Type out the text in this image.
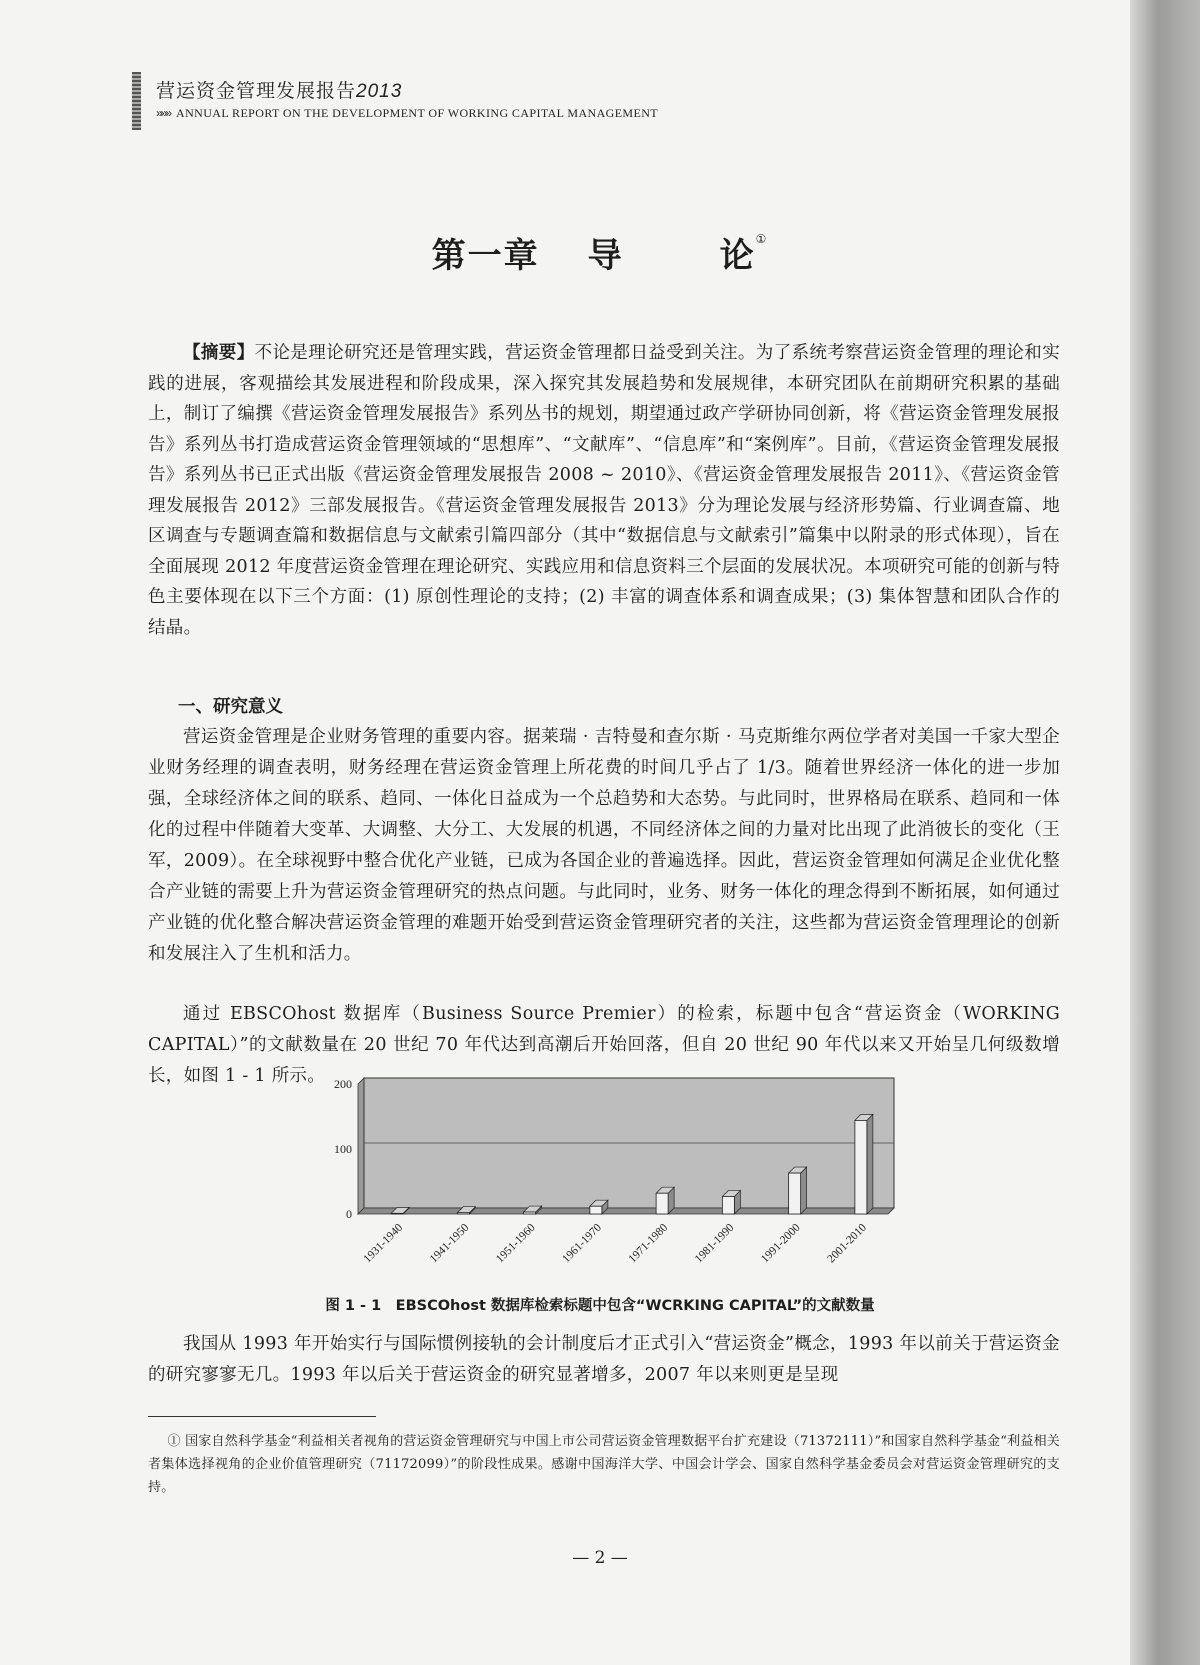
营运资金管理发展报告2013
»»» ANNUAL REPORT ON THE DEVELOPMENT OF WORKING CAPITAL MANAGEMENT
第一章 导	论①
【摘要】不论是理论研究还是管理实践，营运资金管理都日益受到关注。为了系统考察营运资金管理的理论和实践的进展，客观描绘其发展进程和阶段成果，深入探究其发展趋势和发展规律，本研究团队在前期研究积累的基础上，制订了编撰《营运资金管理发展报告》系列丛书的规划，期望通过政产学研协同创新，将《营运资金管理发展报告》系列丛书打造成营运资金管理领域的“思想库”、“文献库”、“信息库”和“案例库”。目前，《营运资金管理发展报告》系列丛书已正式出版《营运资金管理发展报告 2008 ~ 2010》、《营运资金管理发展报告 2011》、《营运资金管理发展报告 2012》三部发展报告。《营运资金管理发展报告 2013》分为理论发展与经济形势篇、行业调查篇、地区调查与专题调查篇和数据信息与文献索引篇四部分（其中“数据信息与文献索引”篇集中以附录的形式体现），旨在全面展现 2012 年度营运资金管理在理论研究、实践应用和信息资料三个层面的发展状况。本项研究可能的创新与特色主要体现在以下三个方面：(1) 原创性理论的支持；(2) 丰富的调查体系和调查成果；(3) 集体智慧和团队合作的结晶。
一、研究意义

营运资金管理是企业财务管理的重要内容。据莱瑞 · 吉特曼和查尔斯 · 马克斯维尔两位学者对美国一千家大型企业财务经理的调查表明，财务经理在营运资金管理上所花费的时间几乎占了 1/3。随着世界经济一体化的进一步加强，全球经济体之间的联系、趋同、一体化日益成为一个总趋势和大态势。与此同时，世界格局在联系、趋同和一体化的过程中伴随着大变革、大调整、大分工、大发展的机遇，不同经济体之间的力量对比出现了此消彼长的变化（王军，2009）。在全球视野中整合优化产业链，已成为各国企业的普遍选择。因此，营运资金管理如何满足企业优化整合产业链的需要上升为营运资金管理研究的热点问题。与此同时，业务、财务一体化的理念得到不断拓展，如何通过产业链的优化整合解决营运资金管理的难题开始受到营运资金管理研究者的关注，这些都为营运资金管理理论的创新和发展注入了生机和活力。

通过 EBSCOhost 数据库（Business Source Premier）的检索，标题中包含“营运资金（WORKING CAPITAL）”的文献数量在 20 世纪 70 年代达到高潮后开始回落，但自 20 世纪 90 年代以来又开始呈几何级数增长，如图 1 - 1 所示。

0
100
200
1931-1940 1941-1950 1951-1960 1961-1970 1971-1980 1981-1990 1991-2000 2001-2010
图 1 - 1　EBSCOhost 数据库检索标题中包含“WCRKING CAPITAL”的文献数量

我国从 1993 年开始实行与国际惯例接轨的会计制度后才正式引入“营运资金”概念，1993 年以前关于营运资金的研究寥寥无几。1993 年以后关于营运资金的研究显著增多，2007 年以来则更是呈现

① 国家自然科学基金“利益相关者视角的营运资金管理研究与中国上市公司营运资金管理数据平台扩充建设（71372111）”和国家自然科学基金“利益相关者集体选择视角的企业价值管理研究（71172099）”的阶段性成果。感谢中国海洋大学、中国会计学会、国家自然科学基金委员会对营运资金管理研究的支持。
— 2 —
